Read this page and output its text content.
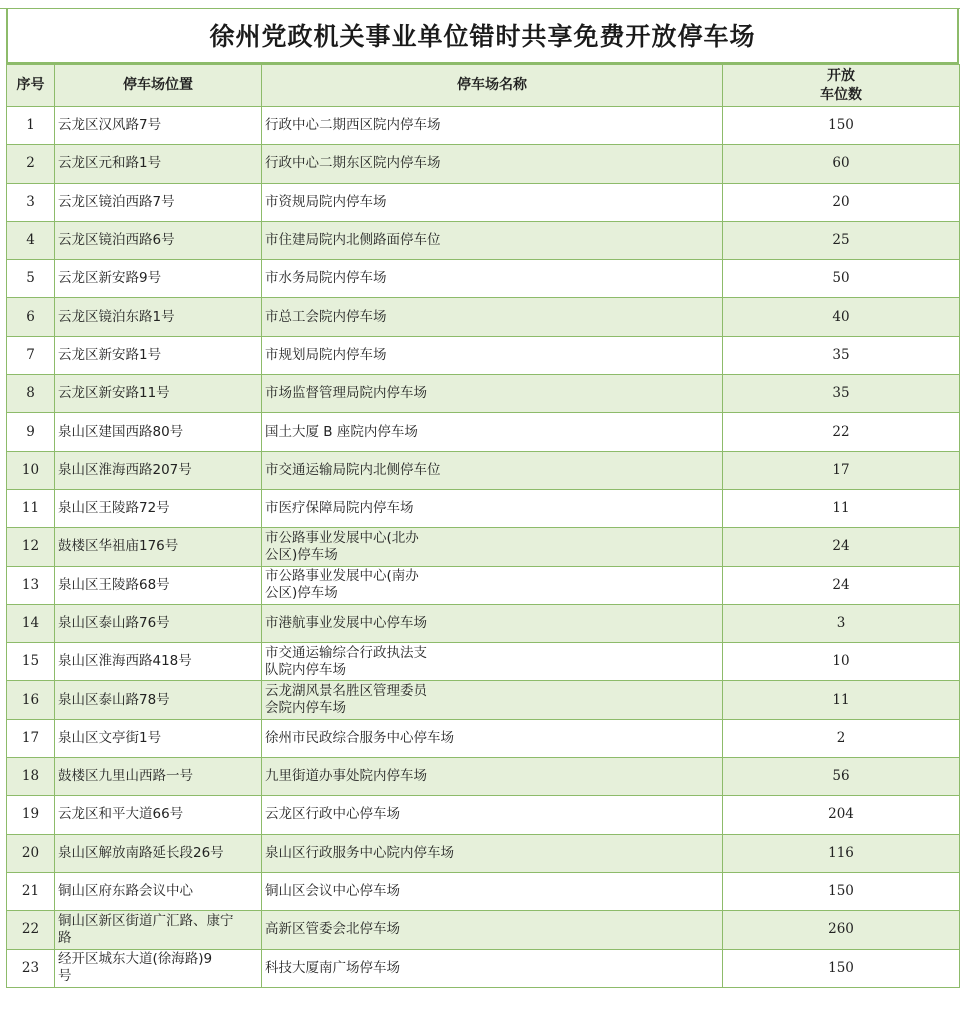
徐州党政机关事业单位错时共享免费开放停车场
序号	停车场位置	停车场名称	开放
车位数

1	云龙区汉风路7号	行政中心二期西区院内停车场	150

2	云龙区元和路1号	行政中心二期东区院内停车场	60

3	云龙区镜泊西路7号	市资规局院内停车场	20

4	云龙区镜泊西路6号	市住建局院内北侧路面停车位	25

5	云龙区新安路9号	市水务局院内停车场	50

6	云龙区镜泊东路1号	市总工会院内停车场	40

7	云龙区新安路1号	市规划局院内停车场	35

8	云龙区新安路11号	市场监督管理局院内停车场	35

9	泉山区建国西路80号	国土大厦 B 座院内停车场	22

10	泉山区淮海西路207号	市交通运输局院内北侧停车位	17

11	泉山区王陵路72号	市医疗保障局院内停车场	11

12	鼓楼区华祖庙176号	市公路事业发展中心(北办
公区)停车场	24

13	泉山区王陵路68号	市公路事业发展中心(南办
公区)停车场	24

14	泉山区泰山路76号	市港航事业发展中心停车场	3

15	泉山区淮海西路418号	市交通运输综合行政执法支
队院内停车场	10

16	泉山区泰山路78号	云龙湖风景名胜区管理委员
会院内停车场	11

17	泉山区文亭街1号	徐州市民政综合服务中心停车场	2

18	鼓楼区九里山西路一号	九里街道办事处院内停车场	56

19	云龙区和平大道66号	云龙区行政中心停车场	204

20	泉山区解放南路延长段26号	泉山区行政服务中心院内停车场	116

21	铜山区府东路会议中心	铜山区会议中心停车场	150

22	铜山区新区街道广汇路、康宁
路	高新区管委会北停车场	260

23	经开区城东大道(徐海路)9
号	科技大厦南广场停车场	150
